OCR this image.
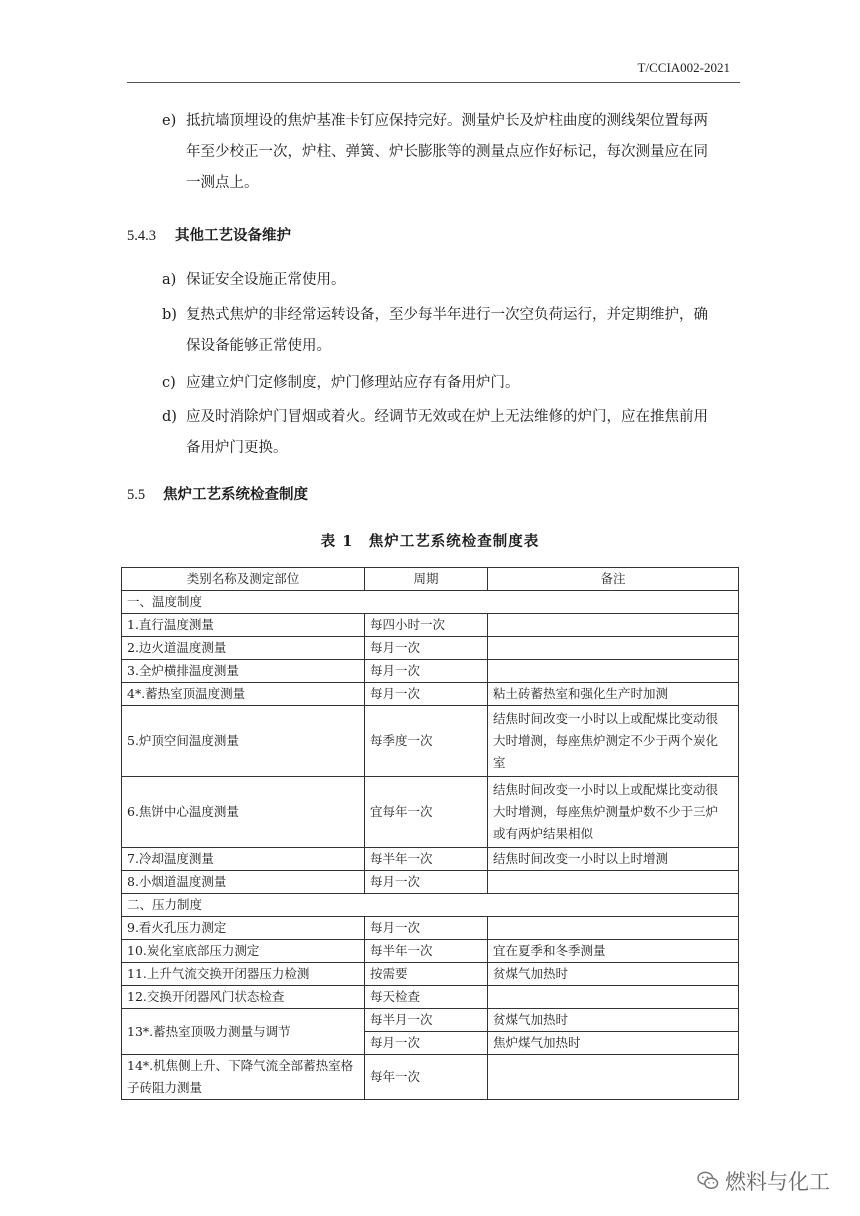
T/CCIA002-2021
e) 抵抗墙顶埋设的焦炉基准卡钉应保持完好。测量炉长及炉柱曲度的测线架位置每两
年至少校正一次，炉柱、弹簧、炉长膨胀等的测量点应作好标记，每次测量应在同
一测点上。
5.4.3 其他工艺设备维护
a) 保证安全设施正常使用。
b) 复热式焦炉的非经常运转设备，至少每半年进行一次空负荷运行，并定期维护，确
保设备能够正常使用。
c) 应建立炉门定修制度，炉门修理站应存有备用炉门。
d) 应及时消除炉门冒烟或着火。经调节无效或在炉上无法维修的炉门，应在推焦前用
备用炉门更换。
5.5 焦炉工艺系统检查制度
表 1　焦炉工艺系统检查制度表
类别名称及测定部位	周期	备注
一、温度制度		
1.直行温度测量	每四小时一次	
2.边火道温度测量	每月一次	
3.全炉横排温度测量	每月一次	
4*.蓄热室顶温度测量	每月一次	粘土砖蓄热室和强化生产时加测
5.炉顶空间温度测量	每季度一次	结焦时间改变一小时以上或配煤比变动很
大时增测，每座焦炉测定不少于两个炭化
室

6.焦饼中心温度测量	宜每年一次	结焦时间改变一小时以上或配煤比变动很
大时增测，每座焦炉测量炉数不少于三炉
或有两炉结果相似

7.冷却温度测量	每半年一次	结焦时间改变一小时以上时增测
8.小烟道温度测量	每月一次	
二、压力制度		
9.看火孔压力测定	每月一次	
10.炭化室底部压力测定	每半年一次	宜在夏季和冬季测量
11.上升气流交换开闭器压力检测	按需要	贫煤气加热时
12.交换开闭器风门状态检查	每天检查	
13*.蓄热室顶吸力测量与调节	每半月一次	贫煤气加热时
	每月一次	焦炉煤气加热时

14*.机焦侧上升、下降气流全部蓄热室格
子砖阻力测量	每年一次	
燃料与化工
